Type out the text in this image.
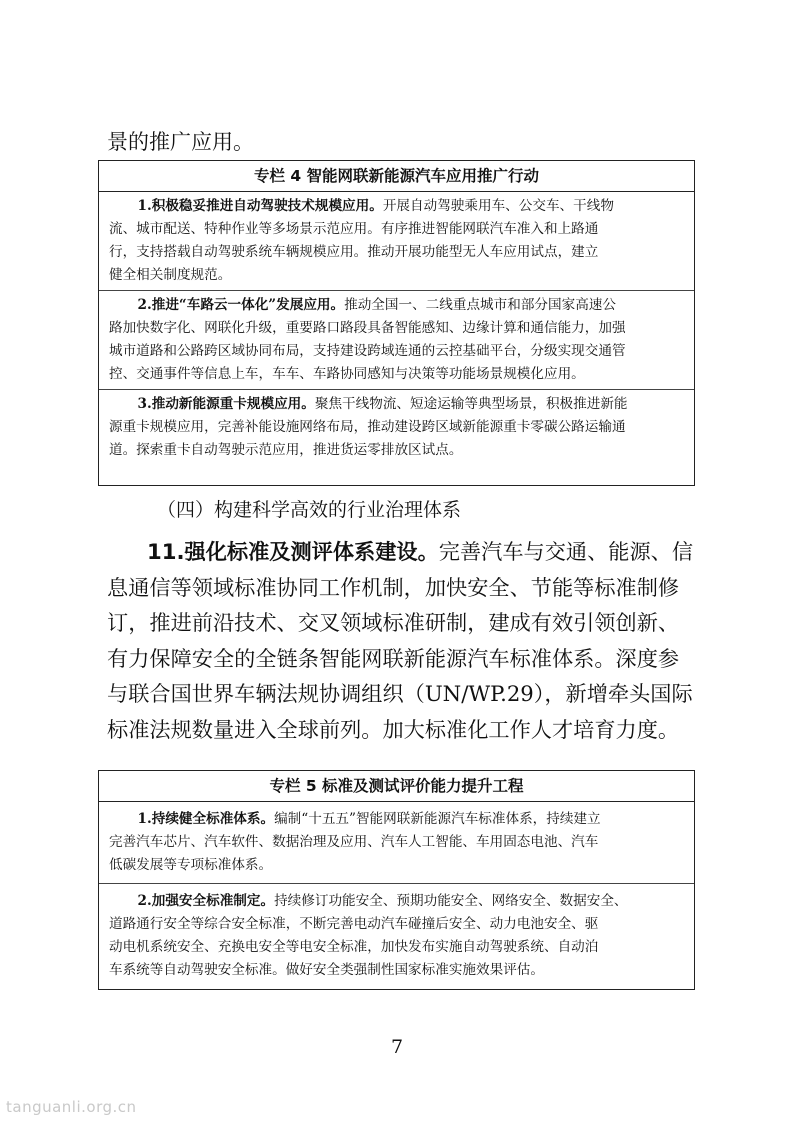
景的推广应用。
专栏 4 智能网联新能源汽车应用推广行动
1.积极稳妥推进自动驾驶技术规模应用。开展自动驾驶乘用车、公交车、干线物
流、城市配送、特种作业等多场景示范应用。有序推进智能网联汽车准入和上路通
行，支持搭载自动驾驶系统车辆规模应用。推动开展功能型无人车应用试点，建立
健全相关制度规范。
2.推进“车路云一体化”发展应用。推动全国一、二线重点城市和部分国家高速公
路加快数字化、网联化升级，重要路口路段具备智能感知、边缘计算和通信能力，加强
城市道路和公路跨区域协同布局，支持建设跨域连通的云控基础平台，分级实现交通管
控、交通事件等信息上车，车车、车路协同感知与决策等功能场景规模化应用。
3.推动新能源重卡规模应用。聚焦干线物流、短途运输等典型场景，积极推进新能
源重卡规模应用，完善补能设施网络布局，推动建设跨区域新能源重卡零碳公路运输通
道。探索重卡自动驾驶示范应用，推进货运零排放区试点。
（四）构建科学高效的行业治理体系
11.强化标准及测评体系建设。完善汽车与交通、能源、信
息通信等领域标准协同工作机制，加快安全、节能等标准制修
订，推进前沿技术、交叉领域标准研制，建成有效引领创新、
有力保障安全的全链条智能网联新能源汽车标准体系。深度参
与联合国世界车辆法规协调组织（UN/WP.29），新增牵头国际
标准法规数量进入全球前列。加大标准化工作人才培育力度。
专栏 5 标准及测试评价能力提升工程
1.持续健全标准体系。编制“十五五”智能网联新能源汽车标准体系，持续建立
完善汽车芯片、汽车软件、数据治理及应用、汽车人工智能、车用固态电池、汽车
低碳发展等专项标准体系。
2.加强安全标准制定。持续修订功能安全、预期功能安全、网络安全、数据安全、
道路通行安全等综合安全标准，不断完善电动汽车碰撞后安全、动力电池安全、驱
动电机系统安全、充换电安全等电安全标准，加快发布实施自动驾驶系统、自动泊
车系统等自动驾驶安全标准。做好安全类强制性国家标准实施效果评估。
7
tanguanli.org.cn
